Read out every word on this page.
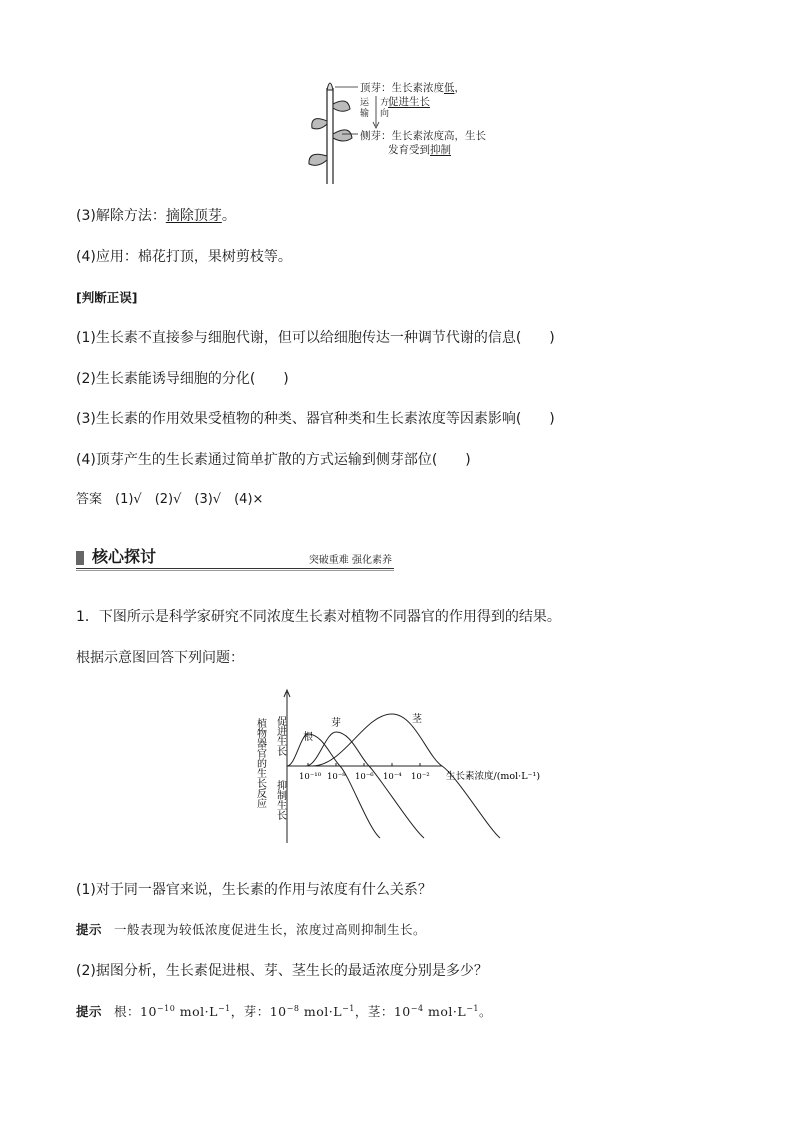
顶芽：生长素浓度低，
促进生长
运
输
方
向
侧芽：生长素浓度高，生长
发育受到抑制
(3)解除方法：摘除顶芽。
(4)应用：棉花打顶，果树剪枝等。
[判断正误]
(1)生长素不直接参与细胞代谢，但可以给细胞传达一种调节代谢的信息(　　)
(2)生长素能诱导细胞的分化(　　)
(3)生长素的作用效果受植物的种类、器官种类和生长素浓度等因素影响(　　)
(4)顶芽产生的生长素通过简单扩散的方式运输到侧芽部位(　　)
答案　(1)√　(2)√　(3)√　(4)×
核心探讨	突破重难 强化素养
1．下图所示是科学家研究不同浓度生长素对植物不同器官的作用得到的结果。
根据示意图回答下列问题：
植物器官的生长反应 促进生长
抑制生长
10⁻¹⁰ 10⁻⁸ 10⁻⁶ 10⁻⁴ 10⁻²
根
芽	茎
生长素浓度/(mol·L⁻¹)
(1)对于同一器官来说，生长素的作用与浓度有什么关系？
提示 一般表现为较低浓度促进生长，浓度过高则抑制生长。
(2)据图分析，生长素促进根、芽、茎生长的最适浓度分别是多少？
提示 根：$10^{-10}$ $mol\cdot L^{-1}$，芽：$10^{-8}$ $mol\cdot L^{-1}$，茎：$10^{-4}$ $mol\cdot L^{-1}$。
